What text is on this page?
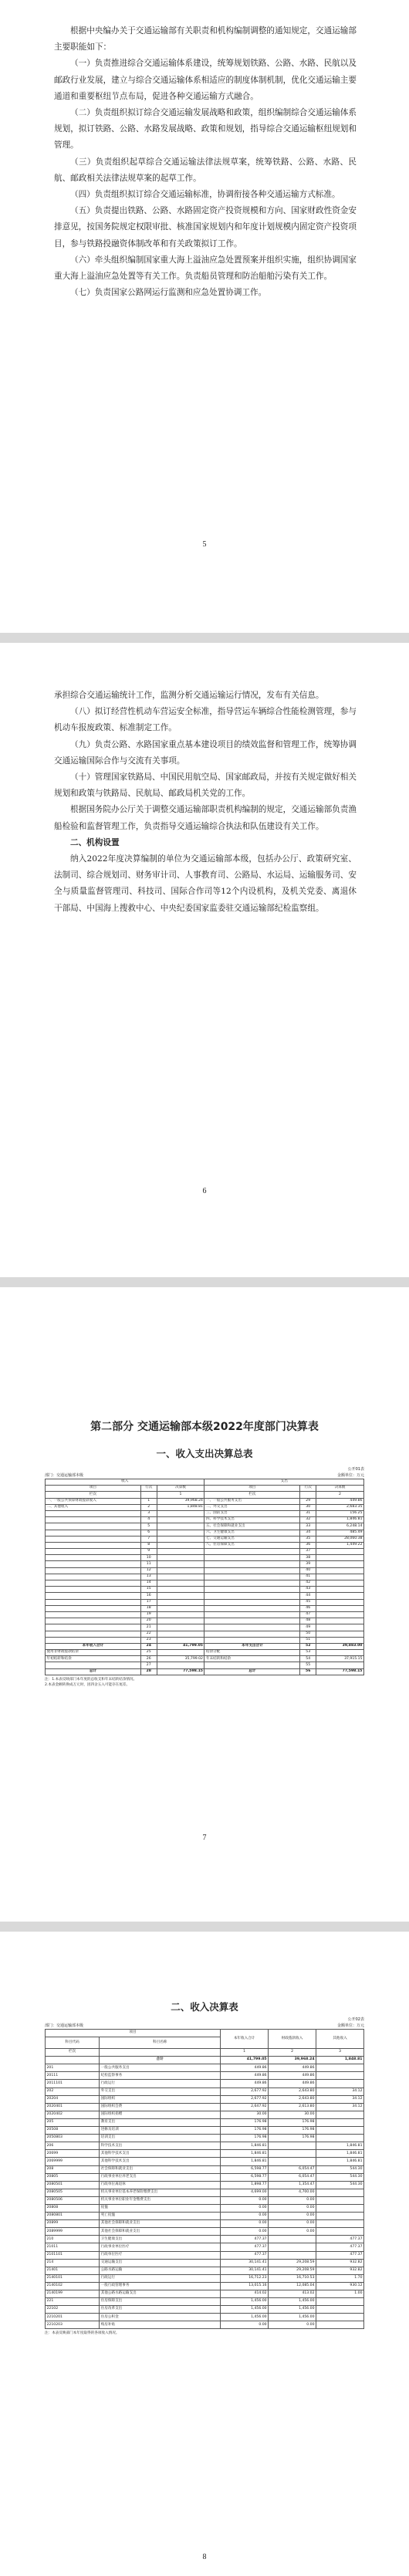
根据中央编办关于交通运输部有关职责和机构编制调整的通知规定，交通运输部主要职能如下：

（一）负责推进综合交通运输体系建设，统筹规划铁路、公路、水路、民航以及邮政行业发展，建立与综合交通运输体系相适应的制度体制机制，优化交通运输主要通道和重要枢纽节点布局，促进各种交通运输方式融合。

（二）负责组织拟订综合交通运输发展战略和政策，组织编制综合交通运输体系规划，拟订铁路、公路、水路发展战略、政策和规划，指导综合交通运输枢纽规划和管理。

（三）负责组织起草综合交通运输法律法规草案，统筹铁路、公路、水路、民航、邮政相关法律法规草案的起草工作。

（四）负责组织拟订综合交通运输标准，协调衔接各种交通运输方式标准。

（五）负责提出铁路、公路、水路固定资产投资规模和方向、国家财政性资金安排意见，按国务院规定权限审批、核准国家规划内和年度计划规模内固定资产投资项目，参与铁路投融资体制改革和有关政策拟订工作。

（六）牵头组织编制国家重大海上溢油应急处置预案并组织实施，组织协调国家重大海上溢油应急处置等有关工作。负责船员管理和防治船舶污染有关工作。

（七）负责国家公路网运行监测和应急处置协调工作。

5

承担综合交通运输统计工作，监测分析交通运输运行情况，发布有关信息。

（八）拟订经营性机动车营运安全标准，指导营运车辆综合性能检测管理，参与机动车报废政策、标准制定工作。

（九）负责公路、水路国家重点基本建设项目的绩效监督和管理工作，统筹协调交通运输国际合作与交流有关事项。

（十）管理国家铁路局、中国民用航空局、国家邮政局，并按有关规定做好相关规划和政策与铁路局、民航局、邮政局机关党的工作。

根据国务院办公厅关于调整交通运输部职责机构编制的规定，交通运输部负责渔船检验和监督管理工作，负责指导交通运输综合执法和队伍建设有关工作。

二、机构设置

纳入2022年度决算编制的单位为交通运输部本级，包括办公厅、政策研究室、法制司、综合规划司、财务审计司、人事教育司、公路局、水运局、运输服务司、安全与质量监督管理司、科技司、国际合作司等12个内设机构，及机关党委、离退休干部局、中国海上搜救中心、中央纪委国家监委驻交通运输部纪检监察组。

6
第二部分 交通运输部本级2022年度部门决算表
一、收入支出决算总表
公开01表
部门：交通运输部本级	金额单位：万元
收入			支出		
项目	行次	决算数	项目	行次	决算数
栏次		1	栏次		2
一、一般公共预算财政拨款收入	1	39,968.24	一、一般公共服务支出	29	449.86
二、其他收入	2	1,848.81	二、外交支出	30	2,683.35
	3		三、国防支出	31	156.25
	4		四、科学技术支出	32	1,846.81
	5		五、社会保障和就业支出	33	6,248.14
	6		六、卫生健康支出	34	485.49
	7		七、交通运输支出	35	28,060.38
	8		八、住房保障支出	36	1,449.22
	9			37	
	10			38	
	11			39	
	12			40	
	13			41	
	14			42	
	15			43	
	16			44	
	17			45	
	18			46	
	19			47	
	20			48	
	21			49	
	22			50	
	23			51	
本年收入合计	24	41,799.05	本年支出合计	52	39,883.00
使用非财政拨款结余	25		结余分配	53	
年初结转和结余	26	35,799.02	年末结转和结余	54	37,915.15
	27			55	
总计	28	77,598.15	总计	56	77,598.15
注：1.本表反映部门本年度的总收支和年末结转结余情况。
2.本表金额转换成万元时，因四舍五入可能存在尾差。
7
二、收入决算表
公开02表
部门：交通运输部本级	金额单位：万元
项目		本年收入合计	财政拨款收入	其他收入
科目代码	科目名称			
栏次		1	2	3
	合计	41,799.05	39,968.24	1,848.81
201	一般公共服务支出	449.86	449.86	
20111	纪检监察事务	449.86	449.86	
2011101	行政运行	449.86	449.86	
202	外交支出	2,677.92	2,643.80	34.12
20204	国际组织	2,677.92	2,643.80	34.12
2020401	国际组织会费	2,647.92	2,613.80	34.12
2020402	国际组织捐赠	30.00	30.00	
205	教育支出	176.98	176.98	
20508	进修及培训	176.98	176.98	
2050803	培训支出	176.98	176.98	
206	科学技术支出	1,846.81		1,846.81
20699	其他科学技术支出	1,846.81		1,846.81
2069999	其他科学技术支出	1,846.81		1,846.81
208	社会保障和就业支出	6,598.77	6,054.47	544.30
20805	行政事业单位养老支出	6,598.77	6,054.47	544.30
2080501	行政单位离退休	1,898.77	1,354.47	544.30
2080505	机关事业单位基本养老保险缴费支出	4,699.00	4,700.00	
2080506	机关事业单位职业年金缴费支出	0.00	0.00	
20808	抚恤	0.00	0.00	
2080801	死亡抚恤	0.00	0.00	
20899	其他社会保障和就业支出	0.00	0.00	
2089999	其他社会保障和就业支出	0.00	0.00	
210	卫生健康支出	477.37		477.37
21011	行政事业单位医疗	477.37		477.37
2101101	行政单位医疗	477.37		477.37
214	交通运输支出	30,141.41	29,208.59	932.82
21401	公路水路运输	30,141.41	29,208.59	932.82
2140101	行政运行	16,712.23	16,710.53	1.70
2140102	一般行政管理事务	13,015.16	12,085.04	930.12
2140199	其他公路水路运输支出	414.02	413.02	1.00
221	住房保障支出	1,456.00	1,456.00	
22102	住房改革支出	1,456.00	1,456.00	
2210201	住房公积金	1,456.00	1,456.00	
2210203	购房补贴	0.00	0.00	
注：本表反映部门本年度取得的各项收入情况。
8
